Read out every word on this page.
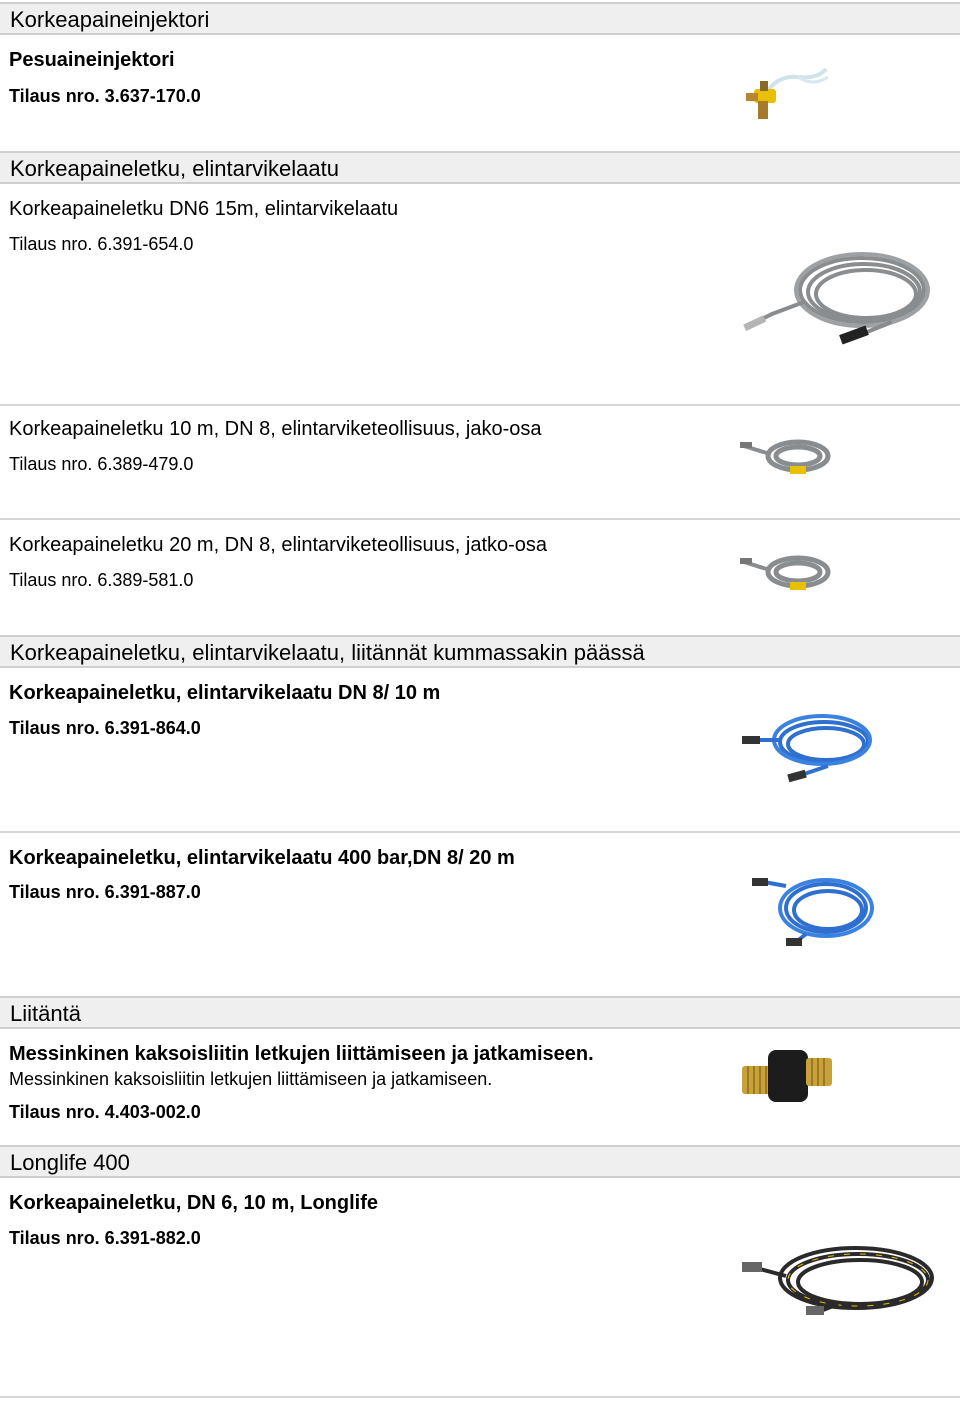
Korkeapaineinjektori
Pesuaineinjektori
Tilaus nro. 3.637-170.0
Korkeapaineletku, elintarvikelaatu
Korkeapaineletku DN6 15m, elintarvikelaatu
Tilaus nro. 6.391-654.0
Korkeapaineletku 10 m, DN 8, elintarviketeollisuus, jako-osa
Tilaus nro. 6.389-479.0
Korkeapaineletku 20 m, DN 8, elintarviketeollisuus, jatko-osa
Tilaus nro. 6.389-581.0
Korkeapaineletku, elintarvikelaatu, liitännät kummassakin päässä
Korkeapaineletku, elintarvikelaatu DN 8/ 10 m
Tilaus nro. 6.391-864.0
Korkeapaineletku, elintarvikelaatu 400 bar,DN 8/ 20 m
Tilaus nro. 6.391-887.0
Liitäntä
Messinkinen kaksoisliitin letkujen liittämiseen ja jatkamiseen.
Messinkinen kaksoisliitin letkujen liittämiseen ja jatkamiseen.
Tilaus nro. 4.403-002.0
Longlife 400
Korkeapaineletku, DN 6, 10 m, Longlife
Tilaus nro. 6.391-882.0
